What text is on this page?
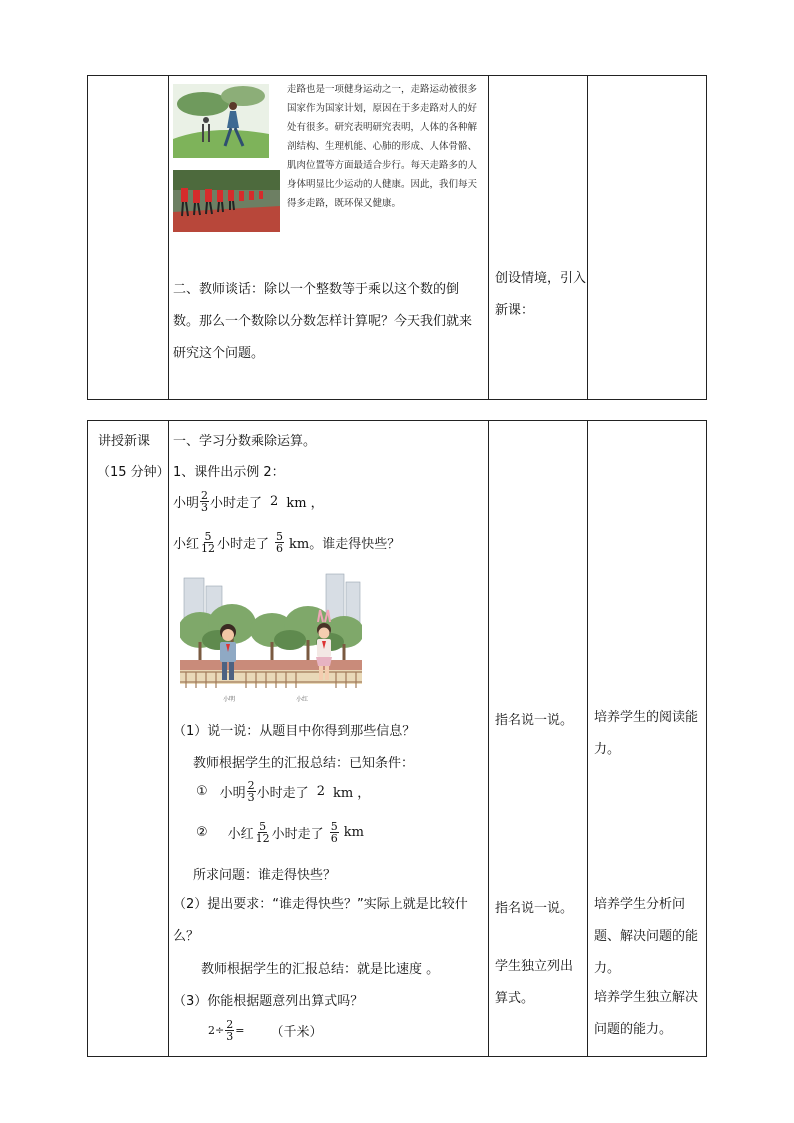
走路也是一项健身运动之一，走路运动被很多国家作为国家计划，原因在于多走路对人的好处有很多。研究表明研究表明，人体的各种解剖结构、生理机能、心肺的形成、人体骨骼、肌肉位置等方面最适合步行。每天走路多的人身体明显比少运动的人健康。因此，我们每天得多走路，既环保又健康。
二、教师谈话：除以一个整数等于乘以这个数的倒数。那么一个数除以分数怎样计算呢？今天我们就来研究这个问题。
创设情境，引入新课：
讲授新课
（15 分钟）
一、学习分数乘除运算。
1、课件出示例 2：
小明 $\frac{2}{3}$ 小时走了 2 km ，
小红 $\frac{5}{12}$ 小时走了 $\frac{5}{6}$ km。谁走得快些？
小明	小红
（1）说一说：从题目中你得到那些信息？
教师根据学生的汇报总结：已知条件：
① 小明 $\frac{2}{3}$ 小时走了 2 km ，
② 小红 $\frac{5}{12}$ 小时走了 $\frac{5}{6}$ km
所求问题：谁走得快些？
（2）提出要求：“谁走得快些？”实际上就是比较什么？
教师根据学生的汇报总结：就是比速度 。
（3）你能根据题意列出算式吗？
$2\div \frac{2}{3}$ = （千米）
指名说一说。
指名说一说。
学生独立列出算式。
培养学生的阅读能力。
培养学生分析问题、解决问题的能力。
培养学生独立解决问题的能力。
